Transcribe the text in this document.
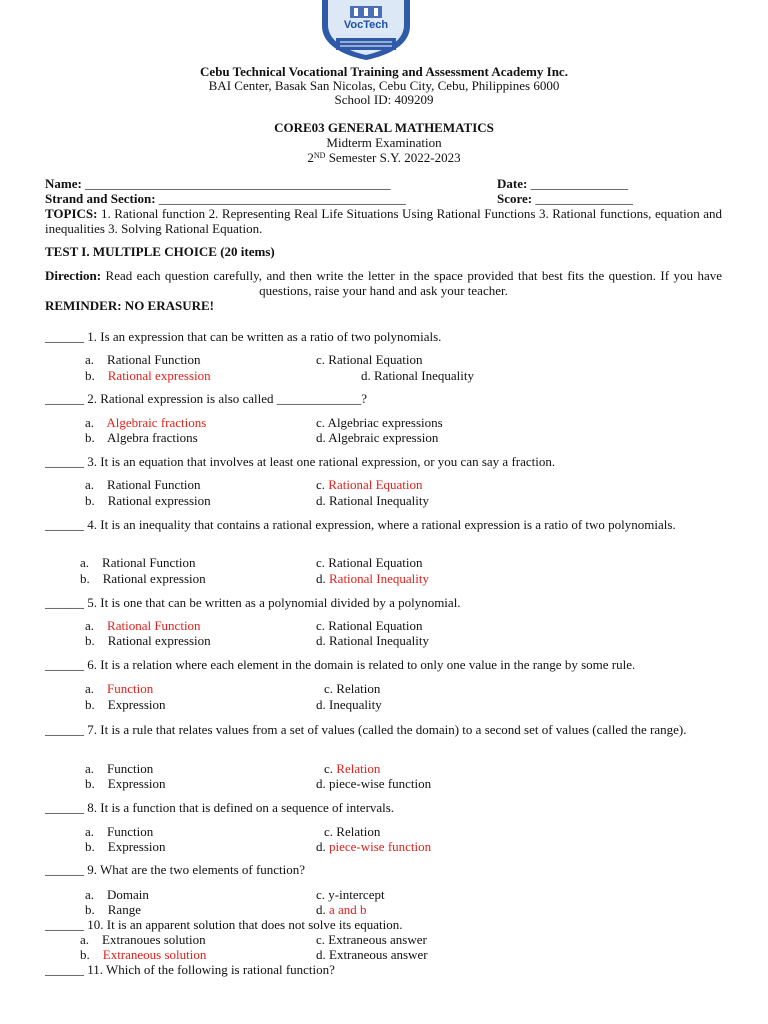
VocTech
Cebu Technical Vocational Training and Assessment Academy Inc.
BAI Center, Basak San Nicolas, Cebu City, Cebu, Philippines 6000
School ID: 409209
CORE03 GENERAL MATHEMATICS
Midterm Examination
2ND Semester S.Y. 2022-2023
Name: _______________________________________________	Date: _______________
Strand and Section: ______________________________________	Score: _______________
TOPICS: 1. Rational function 2. Representing Real Life Situations Using Rational Functions 3. Rational functions, equation and inequalities 3. Solving Rational Equation.
TEST I. MULTIPLE CHOICE (20 items)
Direction: Read each question carefully, and then write the letter in the space provided that best fits the question. If you have questions, raise your hand and ask your teacher.
REMINDER: NO ERASURE!
______ 1. Is an expression that can be written as a ratio of two polynomials.
a.    Rational Function
b.    Rational expression
c. Rational Equation
d. Rational Inequality
______ 2. Rational expression is also called _____________?
a.    Algebraic fractions
b.    Algebra fractions
c. Algebriac expressions
d. Algebraic expression
______ 3. It is an equation that involves at least one rational expression, or you can say a fraction.
a.    Rational Function
b.    Rational expression
c. Rational Equation
d. Rational Inequality
______ 4. It is an inequality that contains a rational expression, where a rational expression is a ratio of two polynomials.
a.    Rational Function
b.    Rational expression
c. Rational Equation
d. Rational Inequality
______ 5. It is one that can be written as a polynomial divided by a polynomial.
a.    Rational Function
b.    Rational expression
c. Rational Equation
d. Rational Inequality
______ 6. It is a relation where each element in the domain is related to only one value in the range by some rule.
a.    Function
b.    Expression
c. Relation
d. Inequality
______ 7. It is a rule that relates values from a set of values (called the domain) to a second set of values (called the range).
a.    Function
b.    Expression
c. Relation
d. piece-wise function
______ 8. It is a function that is defined on a sequence of intervals.
a.    Function
b.    Expression
c. Relation
d. piece-wise function
______ 9. What are the two elements of function?
a.    Domain
b.    Range
c. y-intercept
d. a and b
______ 10. It is an apparent solution that does not solve its equation.
a.    Extranoues solution
b.    Extraneous solution
c. Extraneous answer
d. Extraneous answer
______ 11. Which of the following is rational function?
